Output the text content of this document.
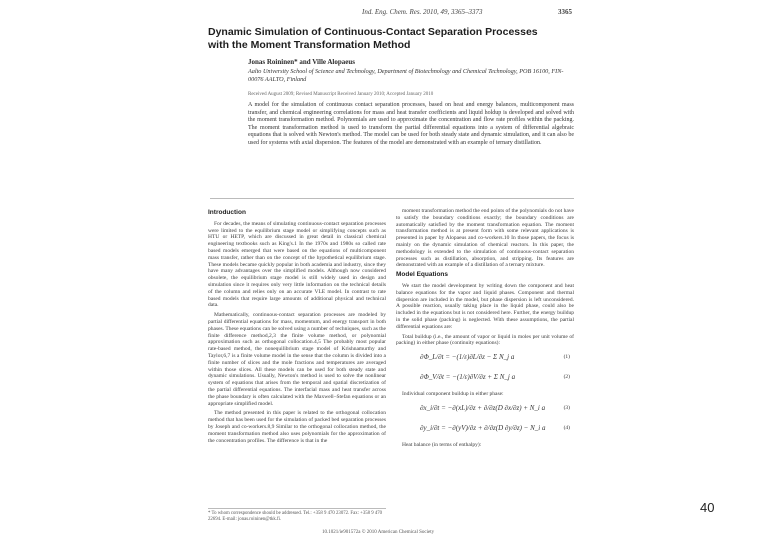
Ind. Eng. Chem. Res. 2010, 49, 3365–3373	3365
Dynamic Simulation of Continuous-Contact Separation Processes with the Moment Transformation Method
Jonas Roininen* and Ville Alopaeus
Aalto University School of Science and Technology, Department of Biotechnology and Chemical Technology, POB 16100, FIN-00076 AALTO, Finland
Received August 2009; Revised Manuscript Received January 2010; Accepted January 2010
A model for the simulation of continuous contact separation processes, based on heat and energy balances, multicomponent mass transfer, and chemical engineering correlations for mass and heat transfer coefficients and liquid holdup is developed and solved with the moment transformation method. Polynomials are used to approximate the concentration and flow rate profiles within the packing. The moment transformation method is used to transform the partial differential equations into a system of differential algebraic equations that is solved with Newton's method. The model can be used for both steady state and dynamic simulation, and it can also be used for systems with axial dispersion. The features of the model are demonstrated with an example of ternary distillation.
Introduction

For decades, the means of simulating continuous-contact separation processes were limited to the equilibrium stage model or simplifying concepts such as HTU or HETP, which are discussed in great detail in classical chemical engineering textbooks such as King's.1 In the 1970s and 1980s so called rate based models emerged that were based on the equations of multicomponent mass transfer, rather than on the concept of the hypothetical equilibrium stage. These models became quickly popular in both academia and industry, since they have many advantages over the simplified models. Although now considered obsolete, the equilibrium stage model is still widely used in design and simulation since it requires only very little information on the technical details of the column and relies only on an accurate VLE model. In contrast to rate based models that require large amounts of additional physical and technical data.

Mathematically, continuous-contact separation processes are modeled by partial differential equations for mass, momentum, and energy transport in both phases. These equations can be solved using a number of techniques, such as the finite difference method,2,3 the finite volume method, or polynomial approximation such as orthogonal collocation.4,5 The probably most popular rate-based method, the nonequilibrium stage model of Krishnamurthy and Taylor,6,7 is a finite volume model in the sense that the column is divided into a finite number of slices and the mole fractions and temperatures are averaged within those slices. All these models can be used for both steady state and dynamic simulations. Usually, Newton's method is used to solve the nonlinear system of equations that arises from the temporal and spatial discretization of the partial differential equations. The interfacial mass and heat transfer across the phase boundary is often calculated with the Maxwell–Stefan equations or an appropriate simplified model.

The method presented in this paper is related to the orthogonal collocation method that has been used for the simulation of packed bed separation processes by Joseph and co-workers.8,9 Similar to the orthogonal collocation method, the moment transformation method also uses polynomials for the approximation of the concentration profiles. The difference is that in the

moment transformation method the end points of the polynomials do not have to satisfy the boundary conditions exactly; the boundary conditions are automatically satisfied by the moment transformation equation. The moment transformation method is at present form with some relevant applications is presented in paper by Alopaeus and co-workers.10 In those papers, the focus is mainly on the dynamic simulation of chemical reactors. In this paper, the methodology is extended to the simulation of continuous-contact separation processes such as distillation, absorption, and stripping. Its features are demonstrated with an example of a distillation of a ternary mixture.

Model Equations

We start the model development by writing down the component and heat balance equations for the vapor and liquid phases. Component and thermal dispersion are included in the model, but phase dispersion is left unconsidered. A possible reaction, usually taking place in the liquid phase, could also be included in the equations but is not considered here. Further, the energy buildup in the solid phase (packing) is neglected. With these assumptions, the partial differential equations are:

Total buildup (i.e., the amount of vapor or liquid in moles per unit volume of packing) in either phase (continuity equations):

∂Φ_L/∂t = −(1/ε)∂L/∂z − Σ N_j a	(1)
∂Φ_V/∂t = −(1/ε)∂V/∂z + Σ N_j a	(2)

Individual component buildup in either phase:

∂x_i/∂t = −∂(xL)/∂z + ∂/∂z(D ∂x/∂z) + N_i a	(3)
∂y_i/∂t = −∂(yV)/∂z + ∂/∂z(D ∂y/∂z) − N_i a	(4)

Heat balance (in terms of enthalpy):

* To whom correspondence should be addressed. Tel.: +358 9 470 23072. Fax: +358 9 470 22694. E-mail: jonas.roininen@tkk.fi.
10.1021/ie901572a © 2010 American Chemical Society
40
